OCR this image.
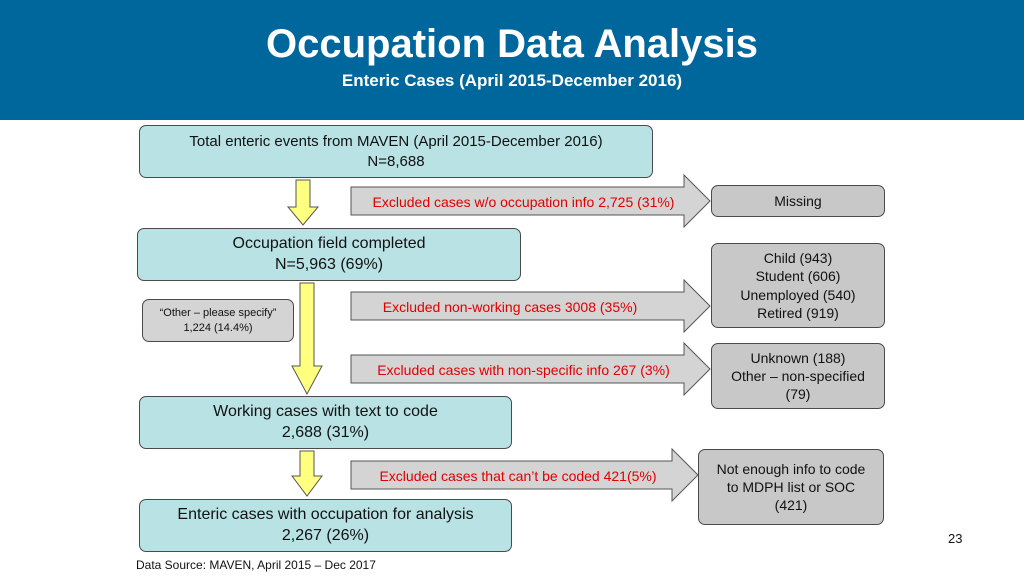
Occupation Data Analysis
Enteric Cases (April 2015-December 2016)
Excluded cases w/o occupation info 2,725 (31%)
Excluded non-working cases 3008 (35%)
Excluded cases with non-specific info 267 (3%)
Excluded cases that can’t be coded 421(5%)
Total enteric events from MAVEN (April 2015-December 2016)
N=8,688
Occupation field completed
N=5,963 (69%)
Working cases with text to code
2,688 (31%)
Enteric cases with occupation for analysis
2,267 (26%)
“Other – please specify”
1,224 (14.4%)
Missing
Child (943)
Student (606)
Unemployed (540)
Retired (919)
Unknown (188)
Other – non-specified
(79)
Not enough info to code
to MDPH list or SOC
(421)
Data Source: MAVEN, April 2015 – Dec 2017
23
